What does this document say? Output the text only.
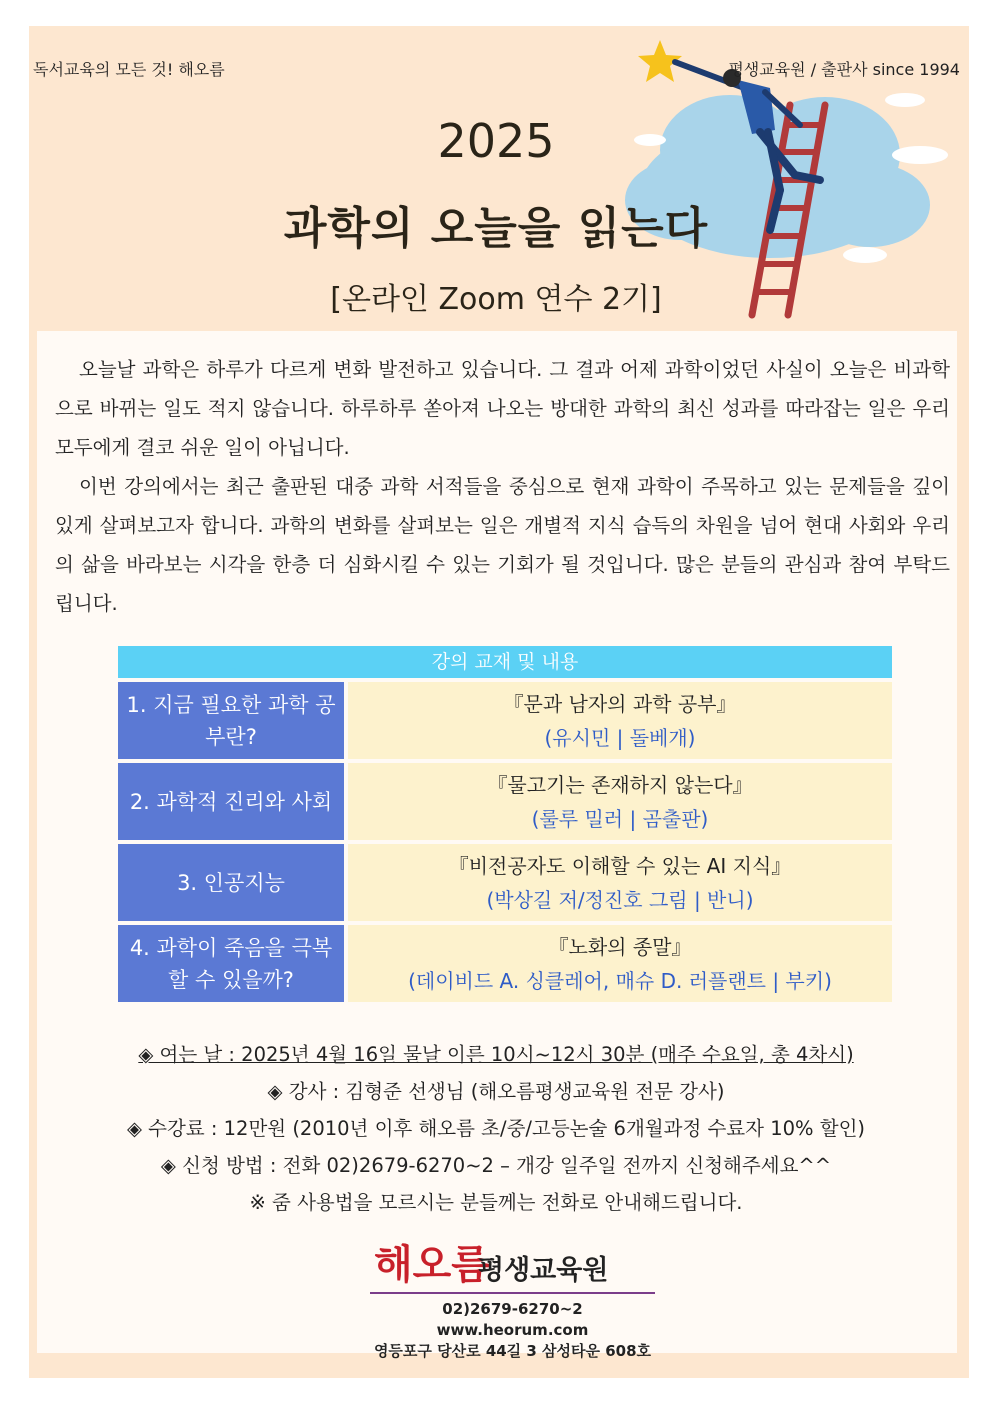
독서교육의 모든 것! 해오름	평생교육원 / 출판사 since 1994
2025
과학의 오늘을 읽는다
[온라인 Zoom 연수 2기]

오늘날 과학은 하루가 다르게 변화 발전하고 있습니다. 그 결과 어제 과학이었던 사실이 오늘은 비과학으로 바뀌는 일도 적지 않습니다. 하루하루 쏟아져 나오는 방대한 과학의 최신 성과를 따라잡는 일은 우리 모두에게 결코 쉬운 일이 아닙니다.

이번 강의에서는 최근 출판된 대중 과학 서적들을 중심으로 현재 과학이 주목하고 있는 문제들을 깊이 있게 살펴보고자 합니다. 과학의 변화를 살펴보는 일은 개별적 지식 습득의 차원을 넘어 현대 사회와 우리의 삶을 바라보는 시각을 한층 더 심화시킬 수 있는 기회가 될 것입니다. 많은 분들의 관심과 참여 부탁드립니다.

강의 교재 및 내용
1. 지금 필요한 과학 공부란?
『문과 남자의 과학 공부』
(유시민 | 돌베개)
2. 과학적 진리와 사회
『물고기는 존재하지 않는다』
(룰루 밀러 | 곰출판)
3. 인공지능
『비전공자도 이해할 수 있는 AI 지식』
(박상길 저/정진호 그림 | 반니)
4. 과학이 죽음을 극복할 수 있을까?
『노화의 종말』
(데이비드 A. 싱클레어, 매슈 D. 러플랜트 | 부키)
◈ 여는 날 : 2025년 4월 16일 물날 이른 10시~12시 30분 (매주 수요일, 총 4차시)
◈ 강사 : 김형준 선생님 (해오름평생교육원 전문 강사)
◈ 수강료 : 12만원 (2010년 이후 해오름 초/중/고등논술 6개월과정 수료자 10% 할인)
◈ 신청 방법 : 전화 02)2679-6270~2 – 개강 일주일 전까지 신청해주세요^^
※ 줌 사용법을 모르시는 분들께는 전화로 안내해드립니다.
해오름
평생교육원
02)2679-6270~2 www.heorum.com
영등포구 당산로 44길 3 삼성타운 608호
